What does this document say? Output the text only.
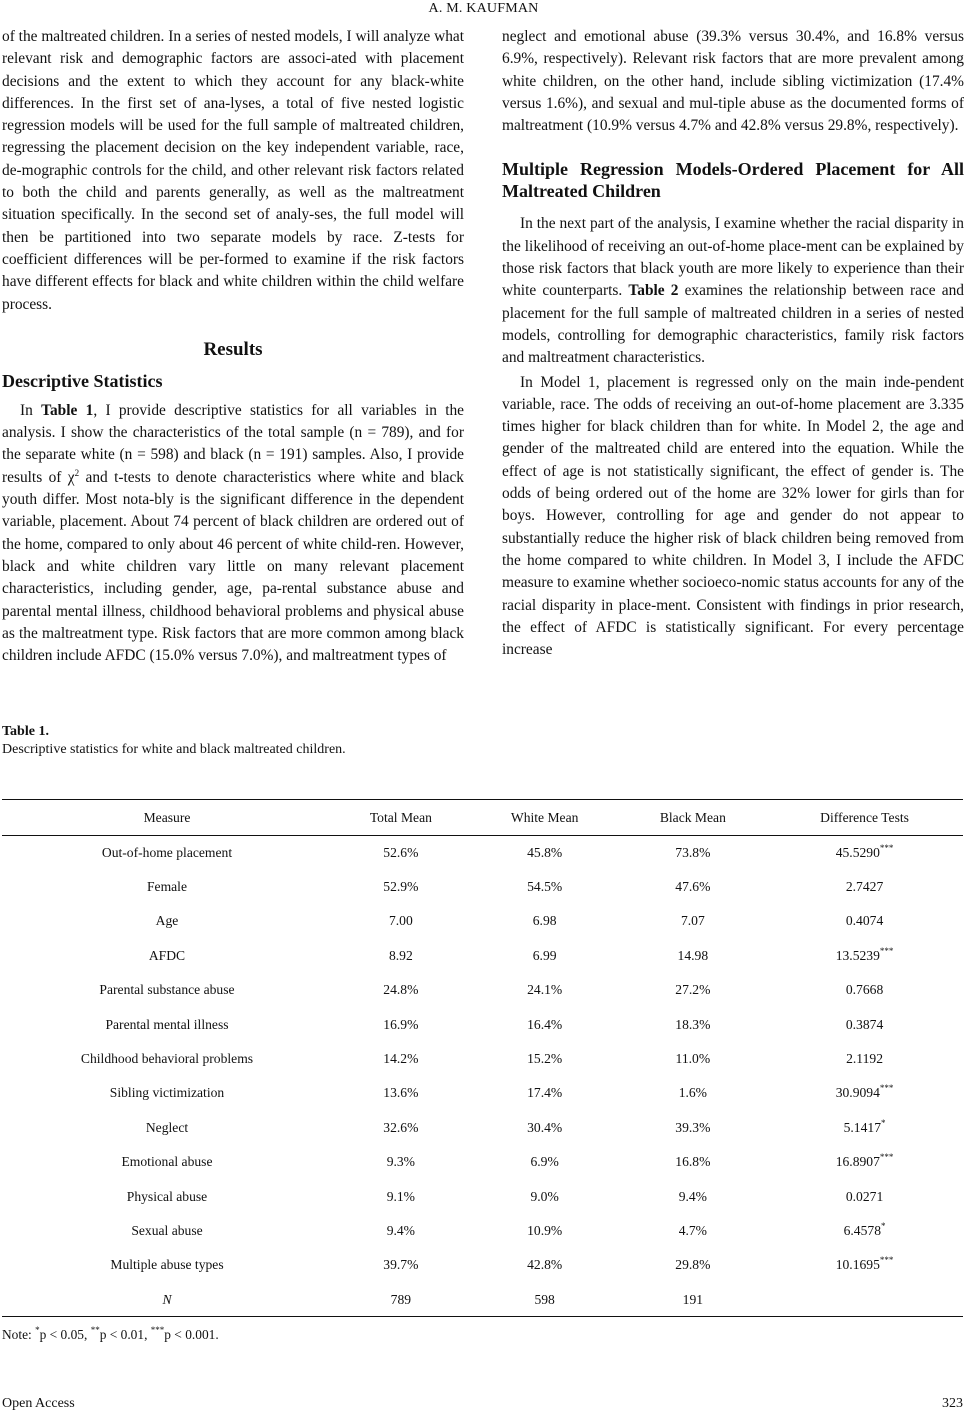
A. M. KAUFMAN

of the maltreated children. In a series of nested models, I will analyze what relevant risk and demographic factors are associ-ated with placement decisions and the extent to which they account for any black-white differences. In the first set of ana-lyses, a total of five nested logistic regression models will be used for the full sample of maltreated children, regressing the placement decision on the key independent variable, race, de-mographic controls for the child, and other relevant risk factors related to both the child and parents generally, as well as the maltreatment situation specifically. In the second set of analy-ses, the full model will then be partitioned into two separate models by race. Z-tests for coefficient differences will be per-formed to examine if the risk factors have different effects for black and white children within the child welfare process.

Results
Descriptive Statistics

In Table 1, I provide descriptive statistics for all variables in the analysis. I show the characteristics of the total sample (n = 789), and for the separate white (n = 598) and black (n = 191) samples. Also, I provide results of $\chi^2$ and t-tests to denote characteristics where white and black youth differ. Most nota-bly is the significant difference in the dependent variable, placement. About 74 percent of black children are ordered out of the home, compared to only about 46 percent of white child-ren. However, black and white children vary little on many relevant placement characteristics, including gender, age, pa-rental substance abuse and parental mental illness, childhood behavioral problems and physical abuse as the maltreatment type. Risk factors that are more common among black children include AFDC (15.0% versus 7.0%), and maltreatment types of

neglect and emotional abuse (39.3% versus 30.4%, and 16.8% versus 6.9%, respectively). Relevant risk factors that are more prevalent among white children, on the other hand, include sibling victimization (17.4% versus 1.6%), and sexual and mul-tiple abuse as the documented forms of maltreatment (10.9% versus 4.7% and 42.8% versus 29.8%, respectively).

Multiple Regression Models-Ordered Placement for All Maltreated Children

In the next part of the analysis, I examine whether the racial disparity in the likelihood of receiving an out-of-home place-ment can be explained by those risk factors that black youth are more likely to experience than their white counterparts. Table 2 examines the relationship between race and placement for the full sample of maltreated children in a series of nested models, controlling for demographic characteristics, family risk factors and maltreatment characteristics.

In Model 1, placement is regressed only on the main inde-pendent variable, race. The odds of receiving an out-of-home placement are 3.335 times higher for black children than for white. In Model 2, the age and gender of the maltreated child are entered into the equation. While the effect of age is not statistically significant, the effect of gender is. The odds of being ordered out of the home are 32% lower for girls than for boys. However, controlling for age and gender do not appear to substantially reduce the higher risk of black children being removed from the home compared to white children. In Model 3, I include the AFDC measure to examine whether socioeco-nomic status accounts for any of the racial disparity in place-ment. Consistent with findings in prior research, the effect of AFDC is statistically significant. For every percentage increase

Table 1.
Descriptive statistics for white and black maltreated children.
Measure	Total Mean	White Mean	Black Mean	Difference Tests
Out-of-home placement	52.6%	45.8%	73.8%	45.5290***
Female	52.9%	54.5%	47.6%	2.7427
Age	7.00	6.98	7.07	0.4074
AFDC	8.92	6.99	14.98	13.5239***
Parental substance abuse	24.8%	24.1%	27.2%	0.7668
Parental mental illness	16.9%	16.4%	18.3%	0.3874
Childhood behavioral problems	14.2%	15.2%	11.0%	2.1192
Sibling victimization	13.6%	17.4%	1.6%	30.9094***
Neglect	32.6%	30.4%	39.3%	5.1417*
Emotional abuse	9.3%	6.9%	16.8%	16.8907***
Physical abuse	9.1%	9.0%	9.4%	0.0271
Sexual abuse	9.4%	10.9%	4.7%	6.4578*
Multiple abuse types	39.7%	42.8%	29.8%	10.1695***
N	789	598	191	
Note: *p < 0.05, **p < 0.01, ***p < 0.001.
Open Access	323
